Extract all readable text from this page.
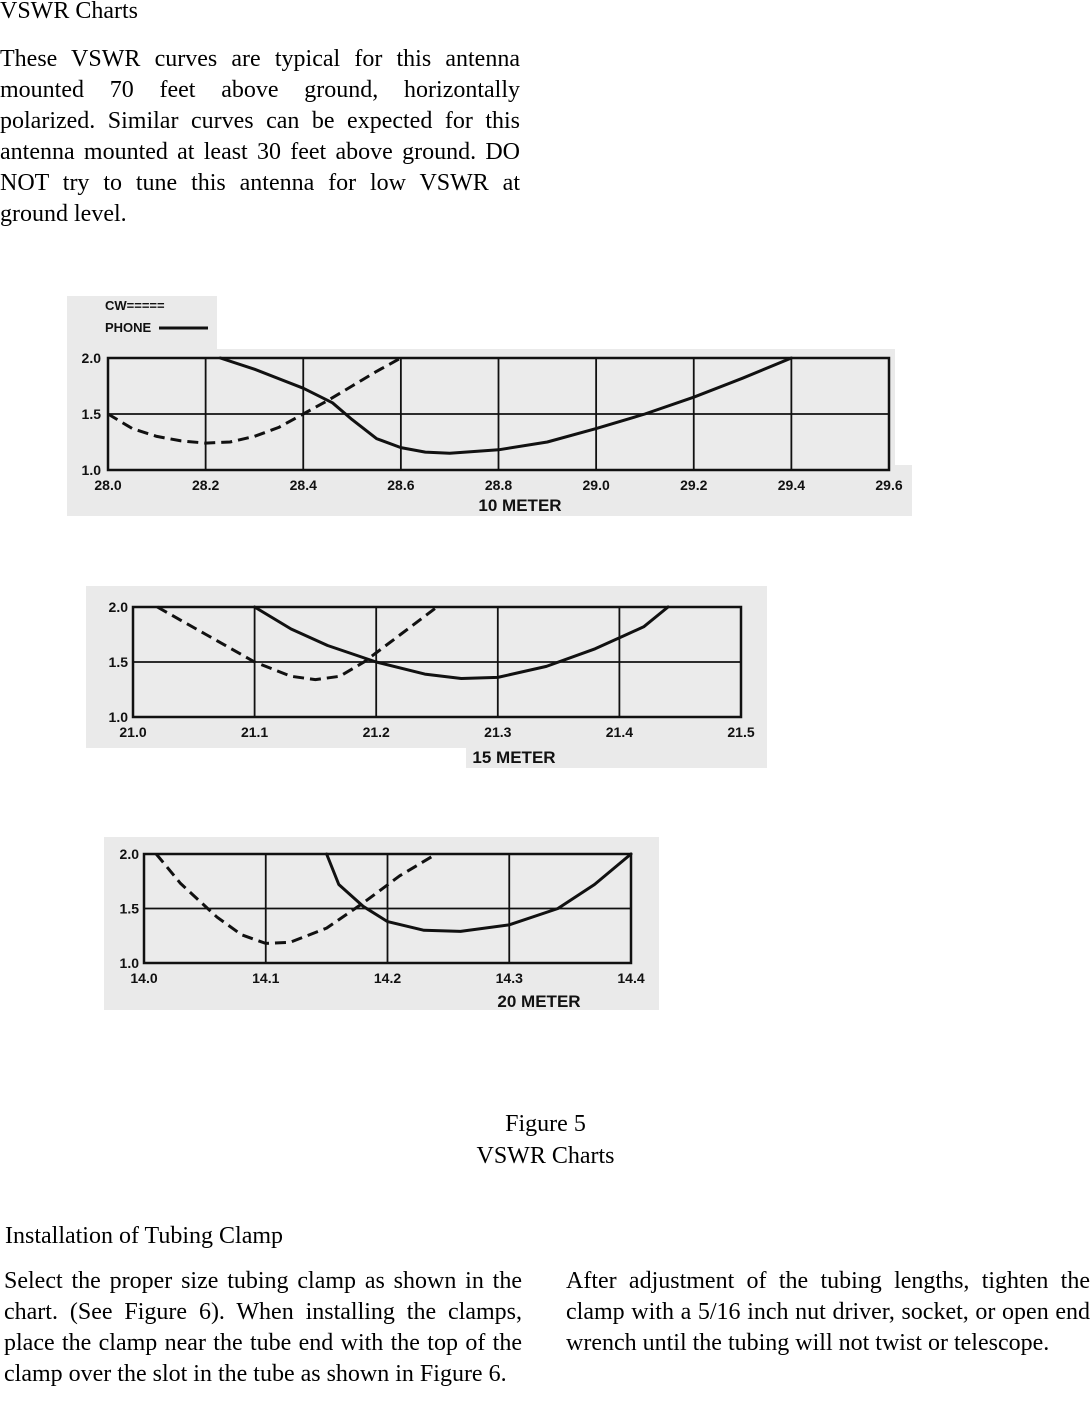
VSWR Charts

These VSWR curves are typical for this antenna mounted 70 feet above ground, horizontally polarized. Similar curves can be expected for this antenna mounted at least 30 feet above ground. DO NOT try to tune this antenna for low VSWR at ground level.

CW=====
PHONE
28.0	28.2	28.4	28.6	28.8	29.0	29.2	29.4	29.6
1.0
1.5
2.0
10 METER
21.0	21.1	21.2	21.3	21.4	21.5
1.0
1.5
2.0
15 METER
14.0	14.1	14.2	14.3	14.4
1.0
1.5
2.0
20 METER
Figure 5
VSWR Charts
Installation of Tubing Clamp

Select the proper size tubing clamp as shown in the chart. (See Figure 6). When installing the clamps, place the clamp near the tube end with the top of the clamp over the slot in the tube as shown in Figure 6.

After adjustment of the tubing lengths, tighten the clamp with a 5/16 inch nut driver, socket, or open end wrench until the tubing will not twist or telescope.
